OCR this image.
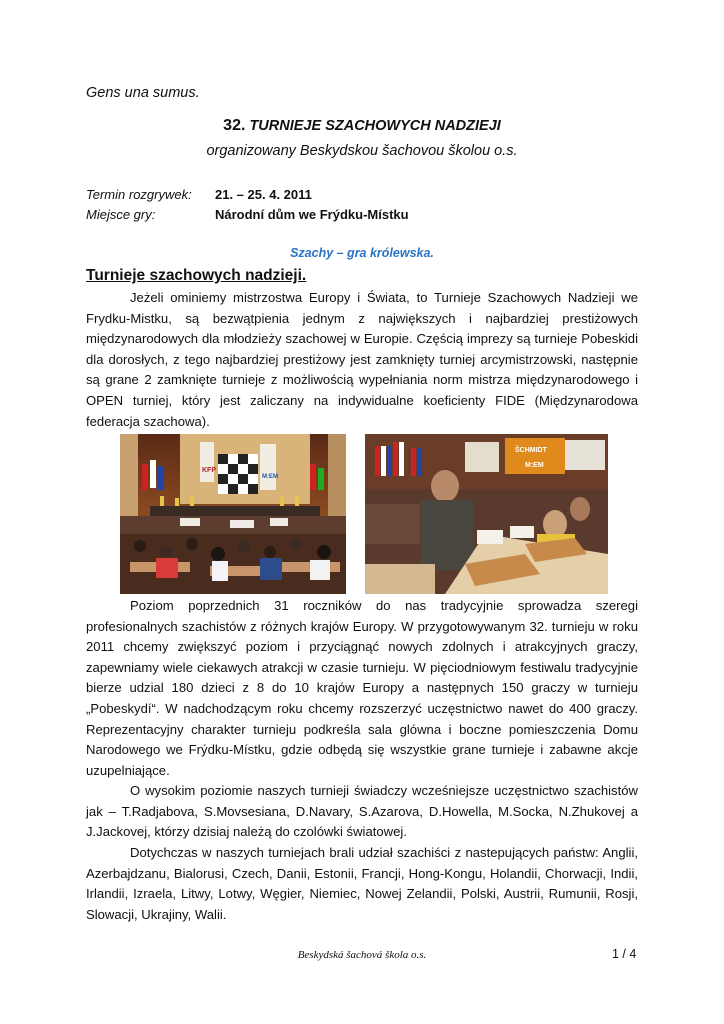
Gens una sumus.
32. TURNIEJE SZACHOWYCH NADZIEJI
organizowany Beskydskou šachovou školou o.s.
Termin rozgrywek: 21. – 25. 4. 2011
Miejsce gry:	Národní dům we Frýdku-Místku
Szachy – gra królewska.
Turnieje szachowych nadzieji.

Jeżeli ominiemy mistrzostwa Europy i Świata, to Turnieje Szachowych Nadzieji we Frydku-Mistku, są bezwątpienia jednym z największych i najbardziej prestiżowych międzynarodowych dla młodzieży szachowej w Europie. Częścią imprezy są turnieje Pobeskidi dla dorosłych, z tego najbardziej prestiżowy jest zamknięty turniej arcymistrzowski, następnie są grane 2 zamknięte turnieje z możliwością wypełniania norm mistrza międzynarodowego i OPEN turniej, który jest zaliczany na indywidualne koeficienty FIDE (Międzynarodowa federacja szachowa).

KFP
M:EM
ŠCHMIDT
M:EM

Poziom poprzednich 31 roczników do nas tradycyjnie sprowadza szeregi profesionalnych szachistów z różnych krajów Europy. W przygotowywanym 32. turnieju w roku 2011 chcemy zwiększyć poziom i przyciągnąć nowych zdolnych i atrakcyjnych graczy, zapewniamy wiele ciekawych atrakcji w czasie turnieju. W pięciodniowym festiwalu tradycyjnie bierze udzial 180 dzieci z 8 do 10 krajów Europy a następnych 150 graczy w turnieju „Pobeskydí“. W nadchodzącym roku chcemy rozszerzyć uczęstnictwo nawet do 400 graczy. Reprezentacyjny charakter turnieju podkreśla sala glówna i boczne pomieszczenia Domu Narodowego we Frýdku-Místku, gdzie odbędą się wszystkie grane turnieje i zabawne akcje uzupelniające.

O wysokim poziomie naszych turnieji świadczy wcześniejsze uczęstnictwo szachistów jak – T.Radjabova, S.Movsesiana, D.Navary, S.Azarova, D.Howella, M.Socka, N.Zhukovej a J.Jackovej, którzy dzisiaj należą do czolówki światowej.

Dotychczas w naszych turniejach brali udział szachiści z nastepujących państw: Anglii, Azerbajdzanu, Bialorusi, Czech, Danii, Estonii, Francji, Hong-Kongu, Holandii, Chorwacji, Indii, Irlandii, Izraela, Litwy, Lotwy, Węgier, Niemiec, Nowej Zelandii, Polski, Austrii, Rumunii, Rosji, Slowacji, Ukrajiny, Walii.

Beskydská šachová škola o.s.	1 / 4
